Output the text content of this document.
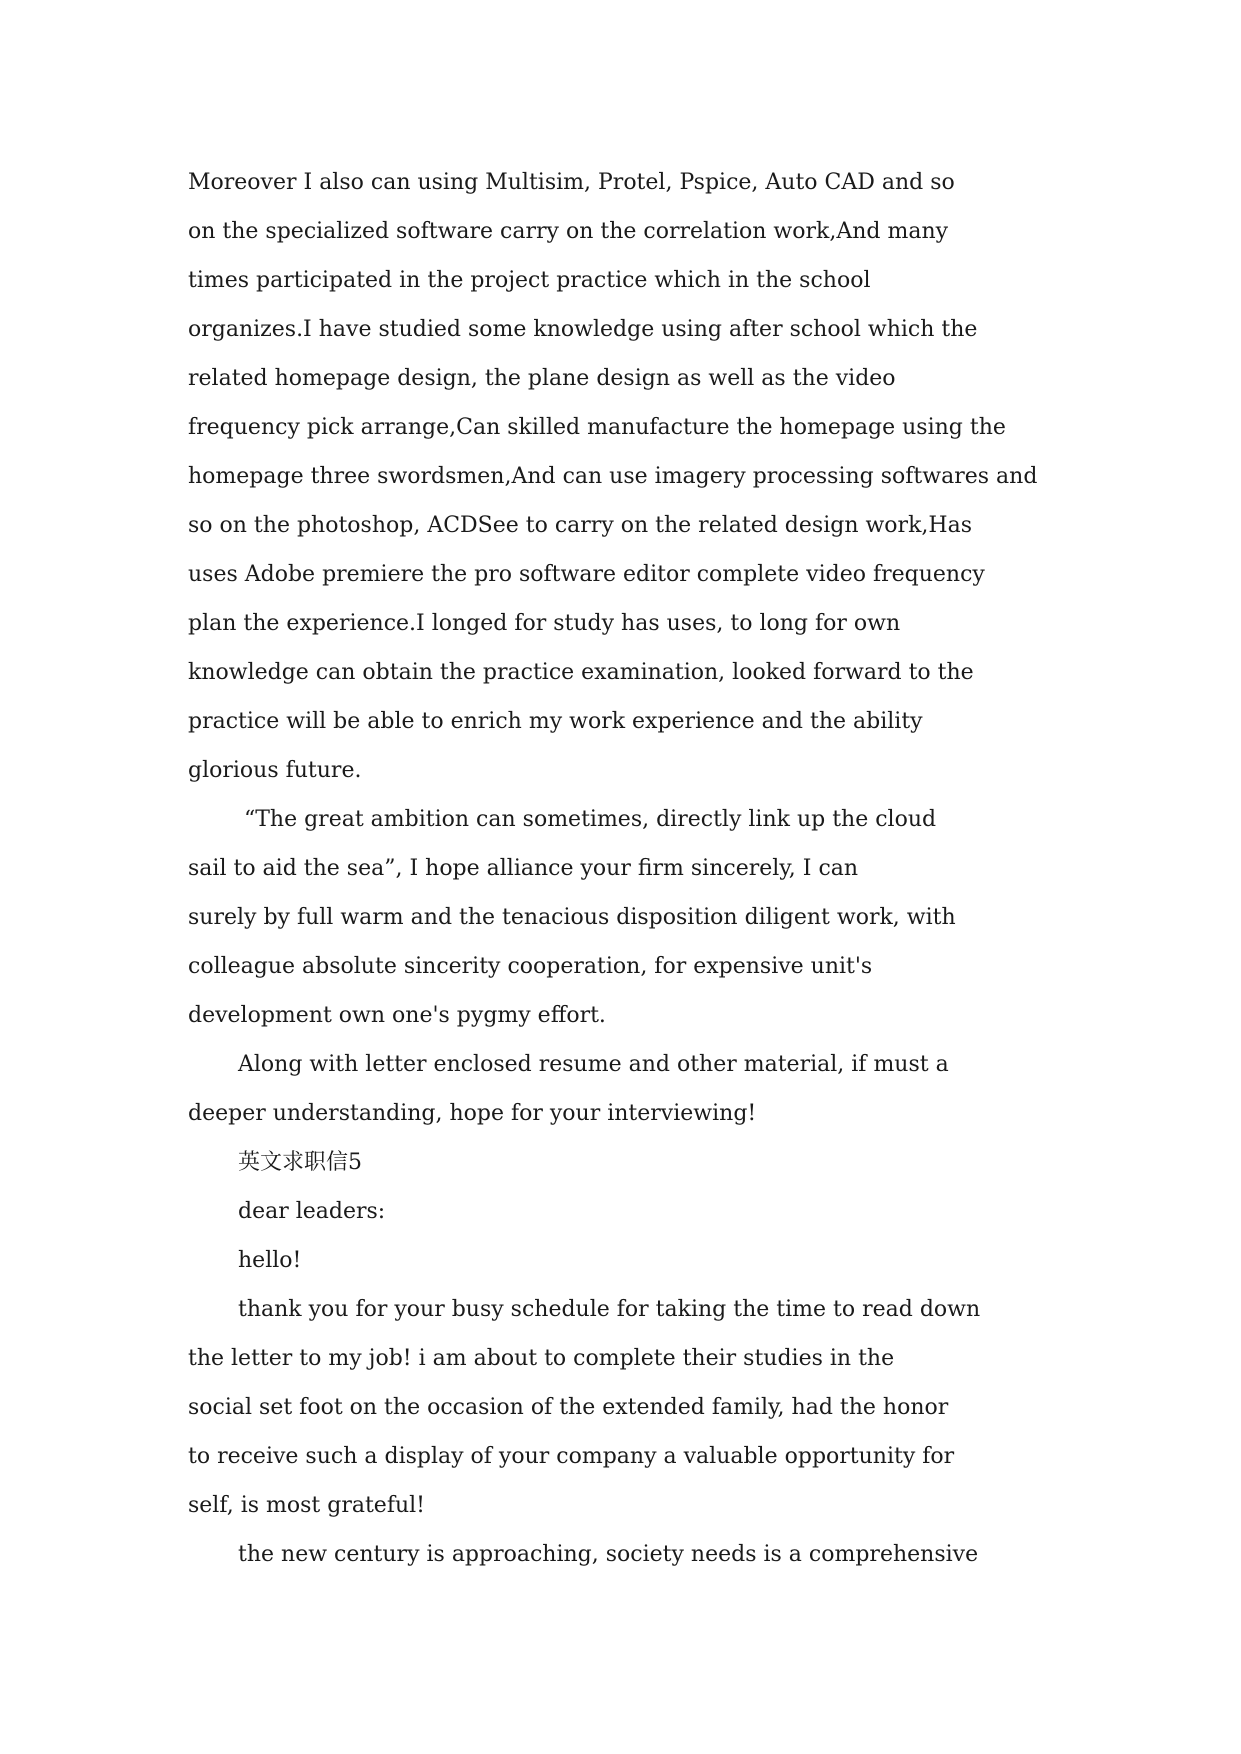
Moreover I also can using Multisim, Protel, Pspice, Auto CAD and so
on the specialized software carry on the correlation work,And many
times participated in the project practice which in the school
organizes.I have studied some knowledge using after school which the
related homepage design, the plane design as well as the video
frequency pick arrange,Can skilled manufacture the homepage using the
homepage three swordsmen,And can use imagery processing softwares and
so on the photoshop, ACDSee to carry on the related design work,Has
uses Adobe premiere the pro software editor complete video frequency
plan the experience.I longed for study has uses, to long for own
knowledge can obtain the practice examination, looked forward to the
practice will be able to enrich my work experience and the ability
glorious future.
“The great ambition can sometimes, directly link up the cloud
sail to aid the sea”, I hope alliance your firm sincerely, I can
surely by full warm and the tenacious disposition diligent work, with
colleague absolute sincerity cooperation, for expensive unit's
development own one's pygmy effort.
Along with letter enclosed resume and other material, if must a
deeper understanding, hope for your interviewing!
英文求职信5
dear leaders:
hello!
thank you for your busy schedule for taking the time to read down
the letter to my job! i am about to complete their studies in the
social set foot on the occasion of the extended family, had the honor
to receive such a display of your company a valuable opportunity for
self, is most grateful!
the new century is approaching, society needs is a comprehensive
